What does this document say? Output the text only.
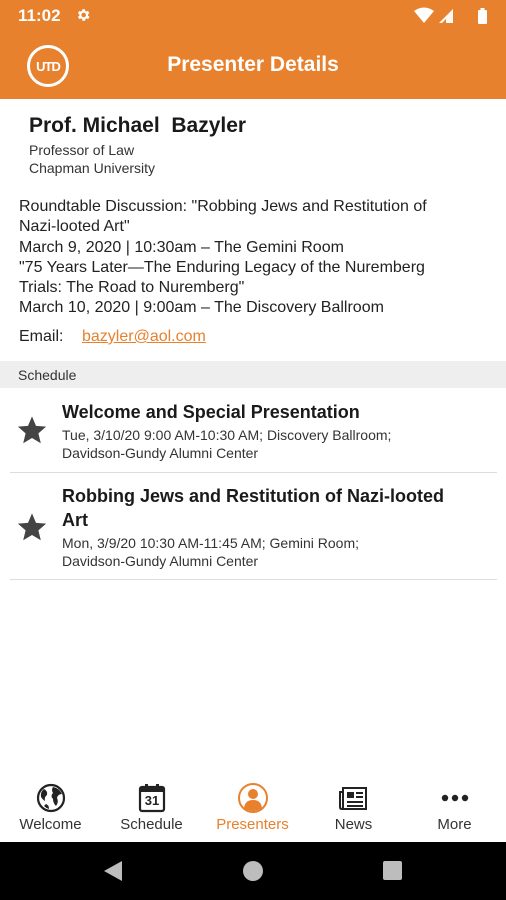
11:02
UTD	Presenter Details
Prof. Michael  Bazyler
Professor of Law
Chapman University
Roundtable Discussion: "Robbing Jews and Restitution of
Nazi-looted Art"
March 9, 2020 | 10:30am – The Gemini Room
"75 Years Later—The Enduring Legacy of the Nuremberg
Trials: The Road to Nuremberg"
March 10, 2020 | 9:00am – The Discovery Ballroom
Email: bazyler@aol.com
Schedule
Welcome and Special Presentation
Tue, 3/10/20 9:00 AM-10:30 AM; Discovery Ballroom;
Davidson-Gundy Alumni Center
Robbing Jews and Restitution of Nazi-looted
Art
Mon, 3/9/20 10:30 AM-11:45 AM; Gemini Room;
Davidson-Gundy Alumni Center
Welcome
31
Schedule	Presenters	News	More
